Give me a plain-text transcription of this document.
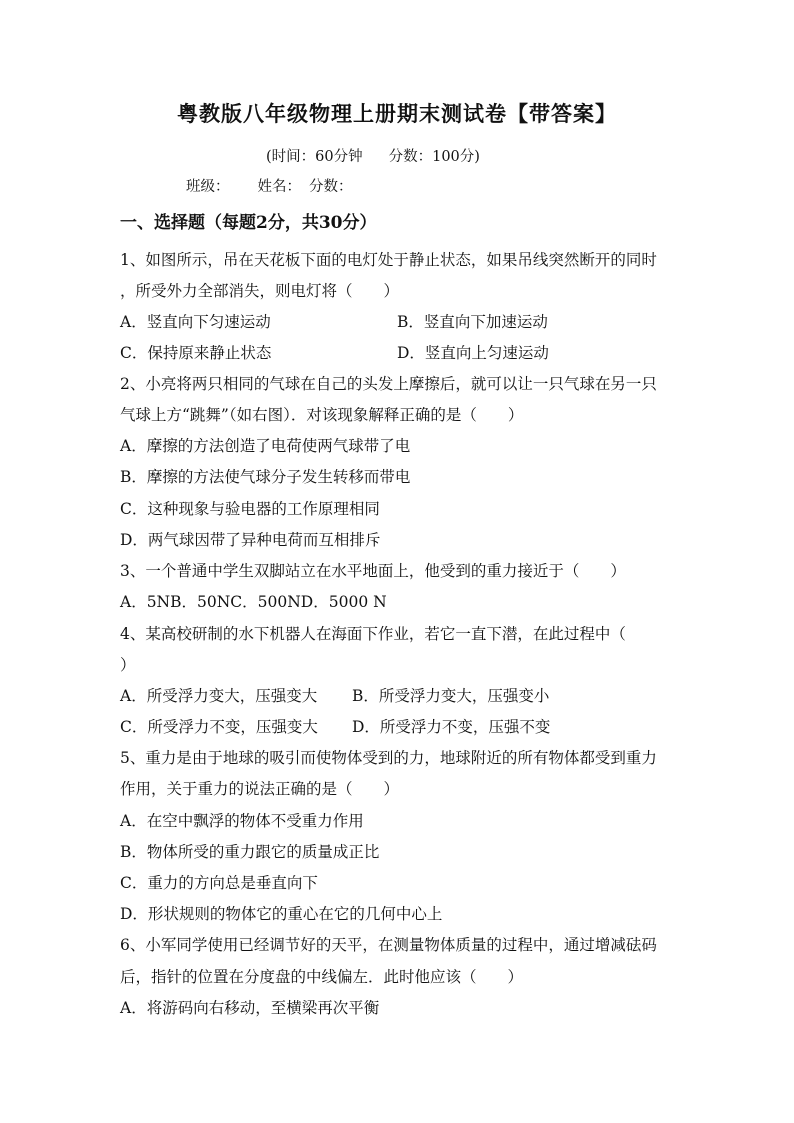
粤教版八年级物理上册期末测试卷【带答案】
(时间：60分钟 分数：100分)
班级： 姓名： 分数：
一、选择题（每题2分，共30分）
1、如图所示，吊在天花板下面的电灯处于静止状态，如果吊线突然断开的同时
，所受外力全部消失，则电灯将（　　）
A．竖直向下匀速运动	B．竖直向下加速运动
C．保持原来静止状态	D．竖直向上匀速运动
2、小亮将两只相同的气球在自己的头发上摩擦后，就可以让一只气球在另一只
气球上方“跳舞”（如右图）．对该现象解释正确的是（　　）
A．摩擦的方法创造了电荷使两气球带了电
B．摩擦的方法使气球分子发生转移而带电
C．这种现象与验电器的工作原理相同
D．两气球因带了异种电荷而互相排斥
3、一个普通中学生双脚站立在水平地面上，他受到的重力接近于（　　）
A．5NB．50NC．500ND．5000 N
4、某高校研制的水下机器人在海面下作业，若它一直下潜，在此过程中（
）
A．所受浮力变大，压强变大 B．所受浮力变大，压强变小
C．所受浮力不变，压强变大 D．所受浮力不变，压强不变
5、重力是由于地球的吸引而使物体受到的力，地球附近的所有物体都受到重力
作用，关于重力的说法正确的是（　　）
A．在空中飘浮的物体不受重力作用
B．物体所受的重力跟它的质量成正比
C．重力的方向总是垂直向下
D．形状规则的物体它的重心在它的几何中心上
6、小军同学使用已经调节好的天平，在测量物体质量的过程中，通过增减砝码
后，指针的位置在分度盘的中线偏左．此时他应该（　　）
A．将游码向右移动，至横梁再次平衡
